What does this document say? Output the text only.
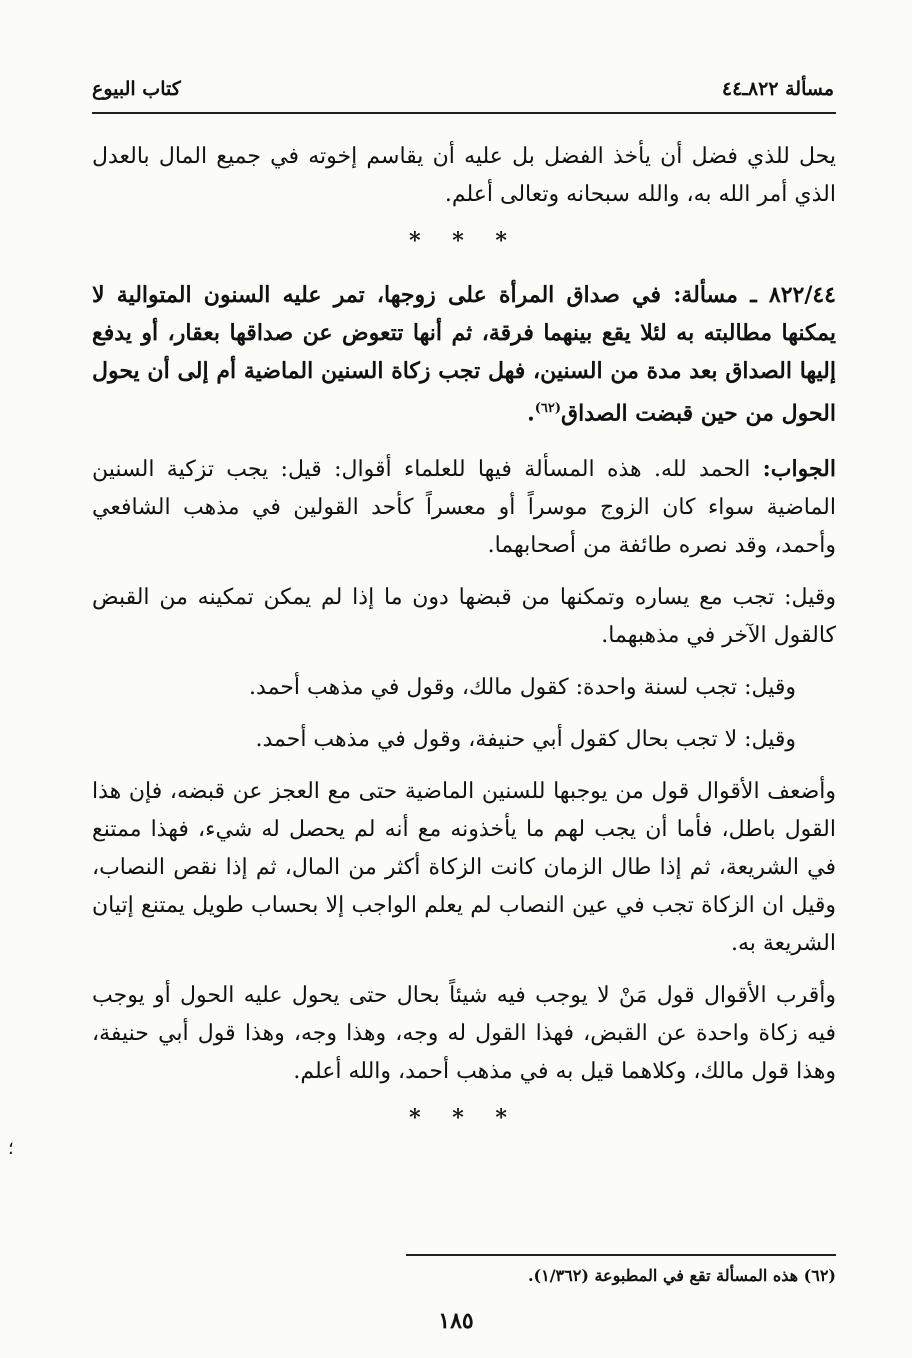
كتاب البيوع	مسألة ٨٢٢ـ٤٤

يحل للذي فضل أن يأخذ الفضل بل عليه أن يقاسم إخوته في جميع المال بالعدل الذي أمر الله به، والله سبحانه وتعالى أعلم.

* * *

٨٢٢/٤٤ ـ مسألة: في صداق المرأة على زوجها، تمر عليه السنون المتوالية لا يمكنها مطالبته به لئلا يقع بينهما فرقة، ثم أنها تتعوض عن صداقها بعقار، أو يدفع إليها الصداق بعد مدة من السنين، فهل تجب زكاة السنين الماضية أم إلى أن يحول الحول من حين قبضت الصداق$^{(٦٢)}$.

الجواب: الحمد لله. هذه المسألة فيها للعلماء أقوال: قيل: يجب تزكية السنين الماضية سواء كان الزوج موسراً أو معسراً كأحد القولين في مذهب الشافعي وأحمد، وقد نصره طائفة من أصحابهما.

وقيل: تجب مع يساره وتمكنها من قبضها دون ما إذا لم يمكن تمكينه من القبض كالقول الآخر في مذهبهما.

وقيل: تجب لسنة واحدة: كقول مالك، وقول في مذهب أحمد.

وقيل: لا تجب بحال كقول أبي حنيفة، وقول في مذهب أحمد.

وأضعف الأقوال قول من يوجبها للسنين الماضية حتى مع العجز عن قبضه، فإن هذا القول باطل، فأما أن يجب لهم ما يأخذونه مع أنه لم يحصل له شيء، فهذا ممتنع في الشريعة، ثم إذا طال الزمان كانت الزكاة أكثر من المال، ثم إذا نقص النصاب، وقيل ان الزكاة تجب في عين النصاب لم يعلم الواجب إلا بحساب طويل يمتنع إتيان الشريعة به.

وأقرب الأقوال قول مَنْ لا يوجب فيه شيئاً بحال حتى يحول عليه الحول أو يوجب فيه زكاة واحدة عن القبض، فهذا القول له وجه، وهذا وجه، وهذا قول أبي حنيفة، وهذا قول مالك، وكلاهما قيل به في مذهب أحمد، والله أعلم.

* * *
(٦٢) هذه المسألة تقع في المطبوعة (١/٣٦٢).
١٨٥
؛
